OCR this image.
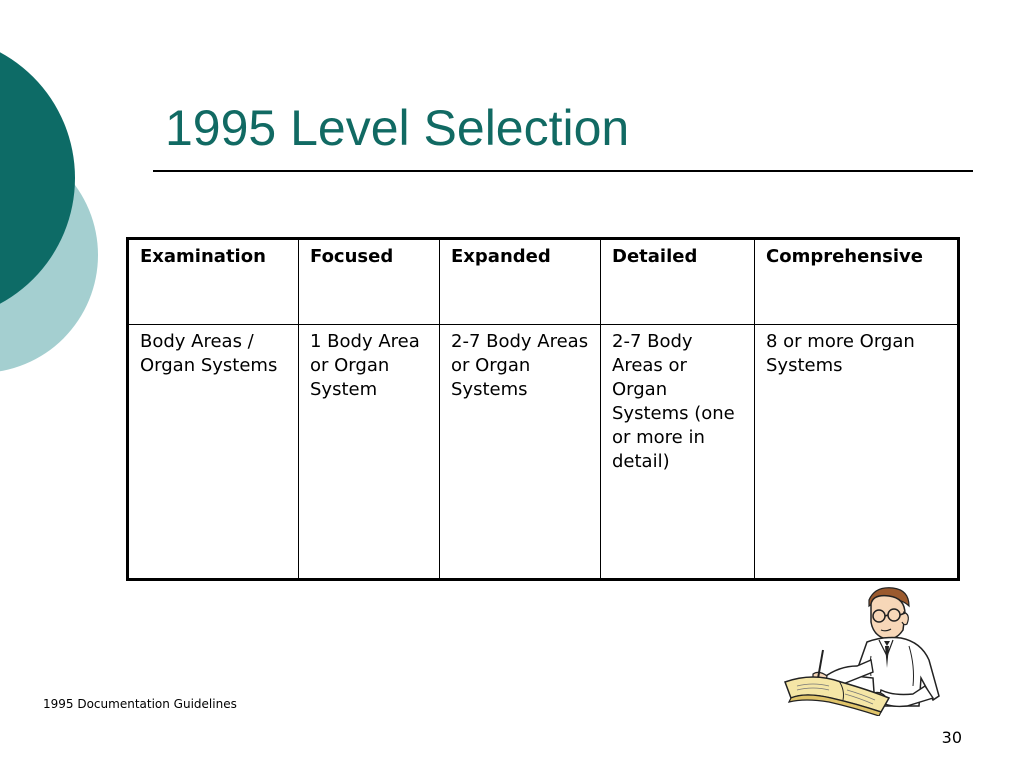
1995 Level Selection
Examination	Focused	Expanded	Detailed	Comprehensive
Body Areas / Organ Systems	1 Body Area or Organ System	2-7 Body Areas or Organ Systems	2-7 Body Areas or Organ Systems (one or more in detail)	8 or more Organ Systems
1995 Documentation Guidelines
30
